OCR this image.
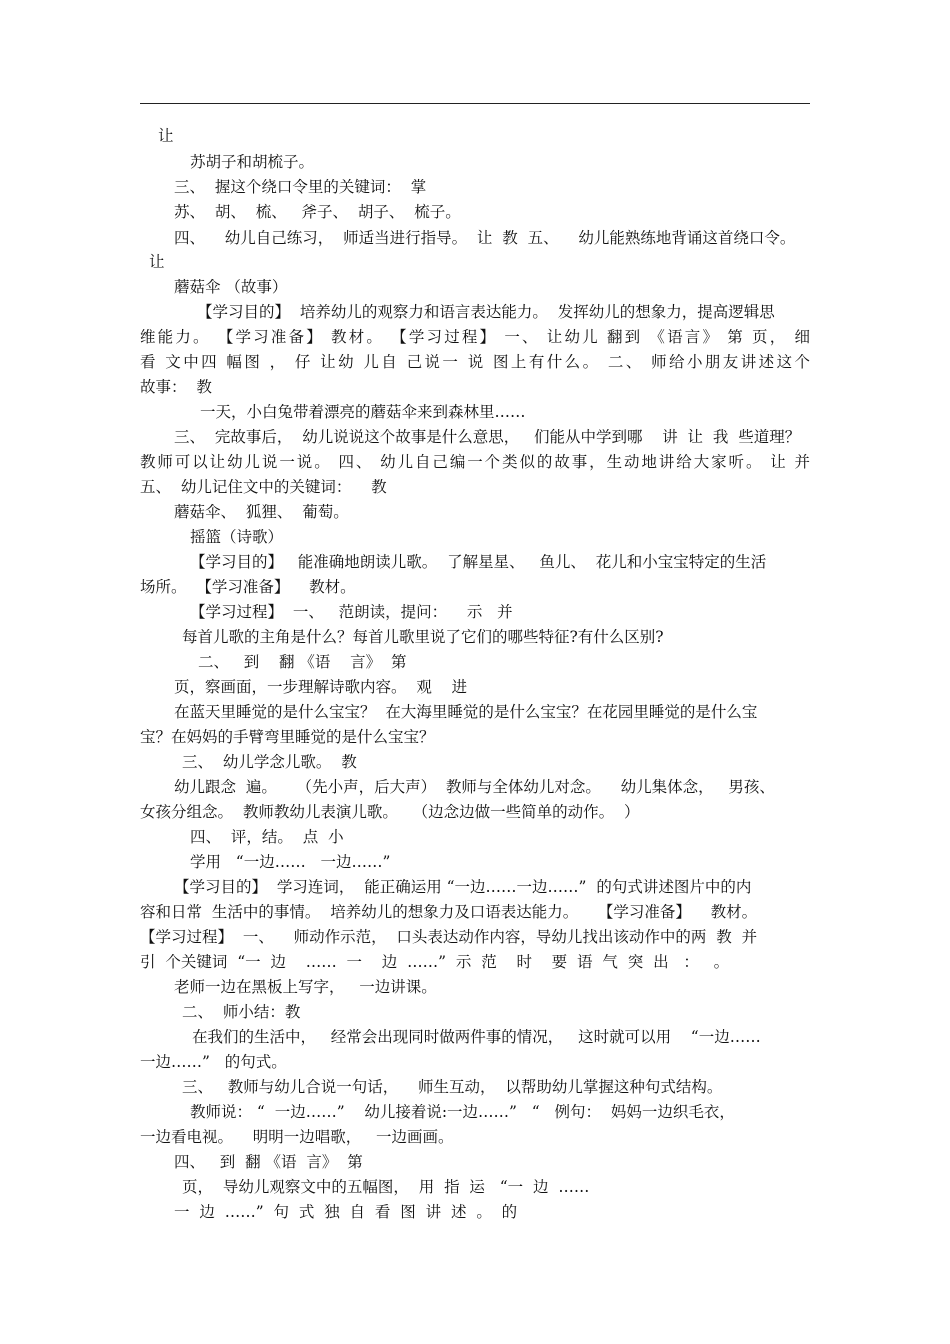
让
苏胡子和胡梳子。
三、  握这个绕口令里的关键词：  掌
苏、  胡、  梳、   斧子、  胡子、  梳子。
四、    幼儿自己练习，  师适当进行指导。  让  教  五、    幼儿能熟练地背诵这首绕口令。
让
蘑菇伞 （故事）
【学习目的】  培养幼儿的观察力和语言表达能力。  发挥幼儿的想象力，提高逻辑思
维能力。 【学习准备】 教材。 【学习过程】 一、 让幼儿 翻到 《语言》 第 页， 细
看 文中四 幅图 ， 仔 让幼 儿自 己说一 说 图上有什么。 二、 师给小朋友讲述这个
故事：  教
一天，小白兔带着漂亮的蘑菇伞来到森林里……
三、  完故事后，  幼儿说说这个故事是什么意思，   们能从中学到哪    讲  让  我  些道理？
教师可以让幼儿说一说。 四、 幼儿自己编一个类似的故事，生动地讲给大家听。 让 并
五、  幼儿记住文中的关键词：    教
蘑菇伞、  狐狸、  葡萄。
摇篮（诗歌）
【学习目的】   能准确地朗读儿歌。  了解星星、   鱼儿、  花儿和小宝宝特定的生活
场所。  【学习准备】    教材。
【学习过程】  一、   范朗读，提问：    示   并
每首儿歌的主角是什么？每首儿歌里说了它们的哪些特征?有什么区别?
二、   到    翻 《语    言》  第
页，察画面，一步理解诗歌内容。  观    进
在蓝天里睡觉的是什么宝宝？  在大海里睡觉的是什么宝宝？在花园里睡觉的是什么宝
宝？在妈妈的手臂弯里睡觉的是什么宝宝？
三、  幼儿学念儿歌。  教
幼儿跟念  遍。    （先小声，后大声）  教师与全体幼儿对念。    幼儿集体念，   男孩、
女孩分组念。  教师教幼儿表演儿歌。   （边念边做一些简单的动作。  ）
四、  评，结。  点  小
学用   “一边……   一边……”
【学习目的】  学习连词，  能正确运用 “一边……一边……”  的句式讲述图片中的内
容和日常  生活中的事情。  培养幼儿的想象力及口语表达能力。    【学习准备】    教材。
【学习过程】  一、    师动作示范，  口头表达动作内容，导幼儿找出该动作中的两  教  并
引  个关键词  “一  边    ……  一    边  ……”  示  范    时    要  语  气  突  出   ：   。
老师一边在黑板上写字，   一边讲课。
二、  师小结：教
在我们的生活中，   经常会出现同时做两件事的情况，   这时就可以用    “一边……
一边……”   的句式。
三、   教师与幼儿合说一句话，    师生互动，  以帮助幼儿掌握这种句式结构。
教师说： “  一边……”    幼儿接着说:一边……”   “   例句：  妈妈一边织毛衣，
一边看电视。    明明一边唱歌，   一边画画。
四、   到  翻 《语  言》  第
页，  导幼儿观察文中的五幅图，  用  指  运   “一  边  ……
一  边  ……”  句  式  独  自  看  图  讲  述  。  的
